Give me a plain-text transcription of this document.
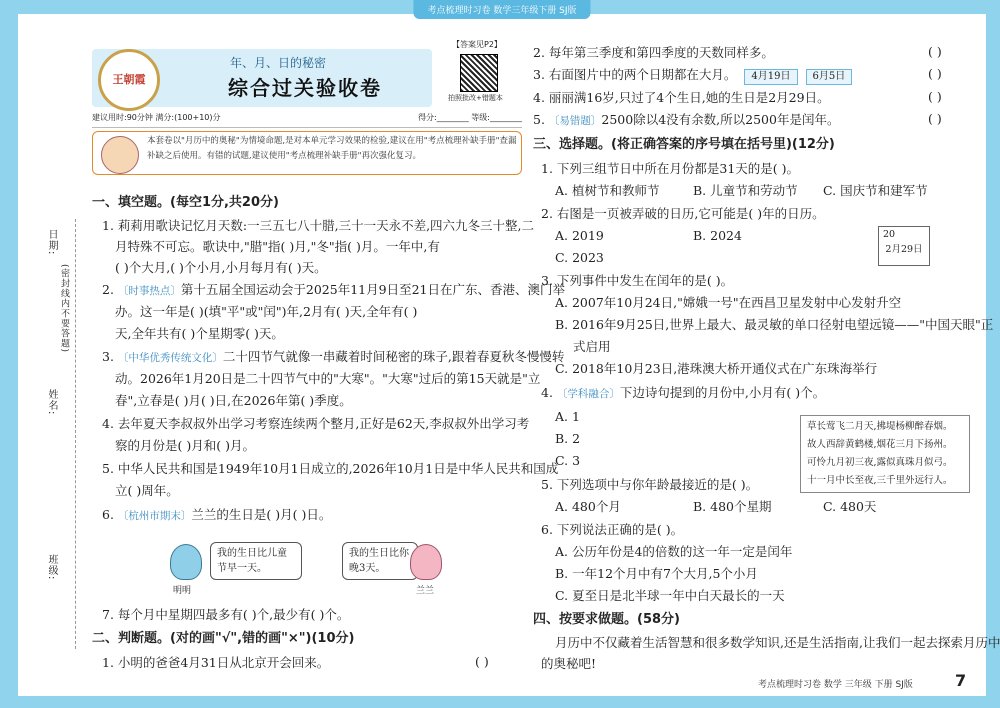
考点梳理时习卷 数学三年级下册 SJ版
日期:
姓名:
班级:
(密封线内不要答题)
王朝霞
年、月、日的秘密
综合过关验收卷
【答案见P2】
拍照批改+错题本
建议用时:90分钟 满分:(100+10)分	得分:________ 等级:________
本套卷以"月历中的奥秘"为情境命题,是对本单元学习效果的检验,建议在用"考点梳理补缺手册"查漏补缺之后使用。有错的试题,建议使用"考点梳理补缺手册"再次强化复习。
一、填空题。(每空1分,共20分)
1. 莉莉用歌诀记忆月天数:一三五七八十腊,三十一天永不差,四六九冬三十整,二
月特殊不可忘。歌诀中,"腊"指( )月,"冬"指( )月。一年中,有
( )个大月,( )个小月,小月每月有( )天。
2. 〔时事热点〕第十五届全国运动会于2025年11月9日至21日在广东、香港、澳门举
办。这一年是( )(填"平"或"闰")年,2月有( )天,全年有( )
天,全年共有( )个星期零( )天。
3. 〔中华优秀传统文化〕二十四节气就像一串藏着时间秘密的珠子,跟着春夏秋冬慢慢转
动。2026年1月20日是二十四节气中的"大寒"。"大寒"过后的第15天就是"立
春",立春是( )月( )日,在2026年第( )季度。
4. 去年夏天李叔叔外出学习考察连续两个整月,正好是62天,李叔叔外出学习考
察的月份是( )月和( )月。
5. 中华人民共和国是1949年10月1日成立的,2026年10月1日是中华人民共和国成
立( )周年。
6. 〔杭州市期末〕兰兰的生日是( )月( )日。
明明
我的生日比儿童节早一天。
我的生日比你晚3天。
兰兰
7. 每个月中星期四最多有( )个,最少有( )个。
二、判断题。(对的画"√",错的画"×")(10分)
1. 小明的爸爸4月31日从北京开会回来。	( )
2. 每年第三季度和第四季度的天数同样多。	( )
3. 右面图片中的两个日期都在大月。 4月19日 6月5日	( )
4. 丽丽满16岁,只过了4个生日,她的生日是2月29日。	( )
5. 〔易错题〕2500除以4没有余数,所以2500年是闰年。	( )
三、选择题。(将正确答案的序号填在括号里)(12分)
1. 下列三组节日中所在月份都是31天的是( )。
A. 植树节和教师节	B. 儿童节和劳动节 C. 国庆节和建军节
2. 右图是一页被弄破的日历,它可能是( )年的日历。
A. 2019	B. 2024
C. 2023
20
2月29日
3. 下列事件中发生在闰年的是( )。
A. 2007年10月24日,"嫦娥一号"在西昌卫星发射中心发射升空
B. 2016年9月25日,世界上最大、最灵敏的单口径射电望远镜——"中国天眼"正
式启用
C. 2018年10月23日,港珠澳大桥开通仪式在广东珠海举行
4. 〔学科融合〕下边诗句提到的月份中,小月有( )个。
A. 1
B. 2
C. 3
草长莺飞二月天,拂堤杨柳醉春烟。
故人西辞黄鹤楼,烟花三月下扬州。
可怜九月初三夜,露似真珠月似弓。
十一月中长至夜,三千里外远行人。
5. 下列选项中与你年龄最接近的是( )。
A. 480个月	B. 480个星期	C. 480天
6. 下列说法正确的是( )。
A. 公历年份是4的倍数的这一年一定是闰年
B. 一年12个月中有7个大月,5个小月
C. 夏至日是北半球一年中白天最长的一天
四、按要求做题。(58分)
月历中不仅藏着生活智慧和很多数学知识,还是生活指南,让我们一起去探索月历中
的奥秘吧!
考点梳理时习卷 数学 三年级 下册 SJ版	7
